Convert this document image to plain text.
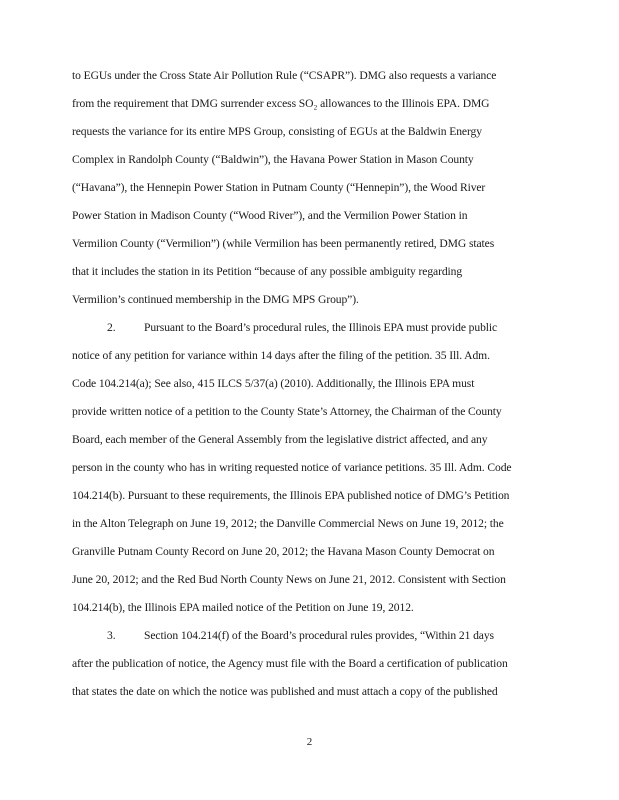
to EGUs under the Cross State Air Pollution Rule (“CSAPR”). DMG also requests a variance
from the requirement that DMG surrender excess SO₂ allowances to the Illinois EPA. DMG
requests the variance for its entire MPS Group, consisting of EGUs at the Baldwin Energy
Complex in Randolph County (“Baldwin”), the Havana Power Station in Mason County
(“Havana”), the Hennepin Power Station in Putnam County (“Hennepin”), the Wood River
Power Station in Madison County (“Wood River”), and the Vermilion Power Station in
Vermilion County (“Vermilion”) (while Vermilion has been permanently retired, DMG states
that it includes the station in its Petition “because of any possible ambiguity regarding
Vermilion’s continued membership in the DMG MPS Group”).
2. Pursuant to the Board’s procedural rules, the Illinois EPA must provide public
notice of any petition for variance within 14 days after the filing of the petition. 35 Ill. Adm.
Code 104.214(a); See also, 415 ILCS 5/37(a) (2010). Additionally, the Illinois EPA must
provide written notice of a petition to the County State’s Attorney, the Chairman of the County
Board, each member of the General Assembly from the legislative district affected, and any
person in the county who has in writing requested notice of variance petitions. 35 Ill. Adm. Code
104.214(b). Pursuant to these requirements, the Illinois EPA published notice of DMG’s Petition
in the Alton Telegraph on June 19, 2012; the Danville Commercial News on June 19, 2012; the
Granville Putnam County Record on June 20, 2012; the Havana Mason County Democrat on
June 20, 2012; and the Red Bud North County News on June 21, 2012. Consistent with Section
104.214(b), the Illinois EPA mailed notice of the Petition on June 19, 2012.
3. Section 104.214(f) of the Board’s procedural rules provides, “Within 21 days
after the publication of notice, the Agency must file with the Board a certification of publication
that states the date on which the notice was published and must attach a copy of the published
2
